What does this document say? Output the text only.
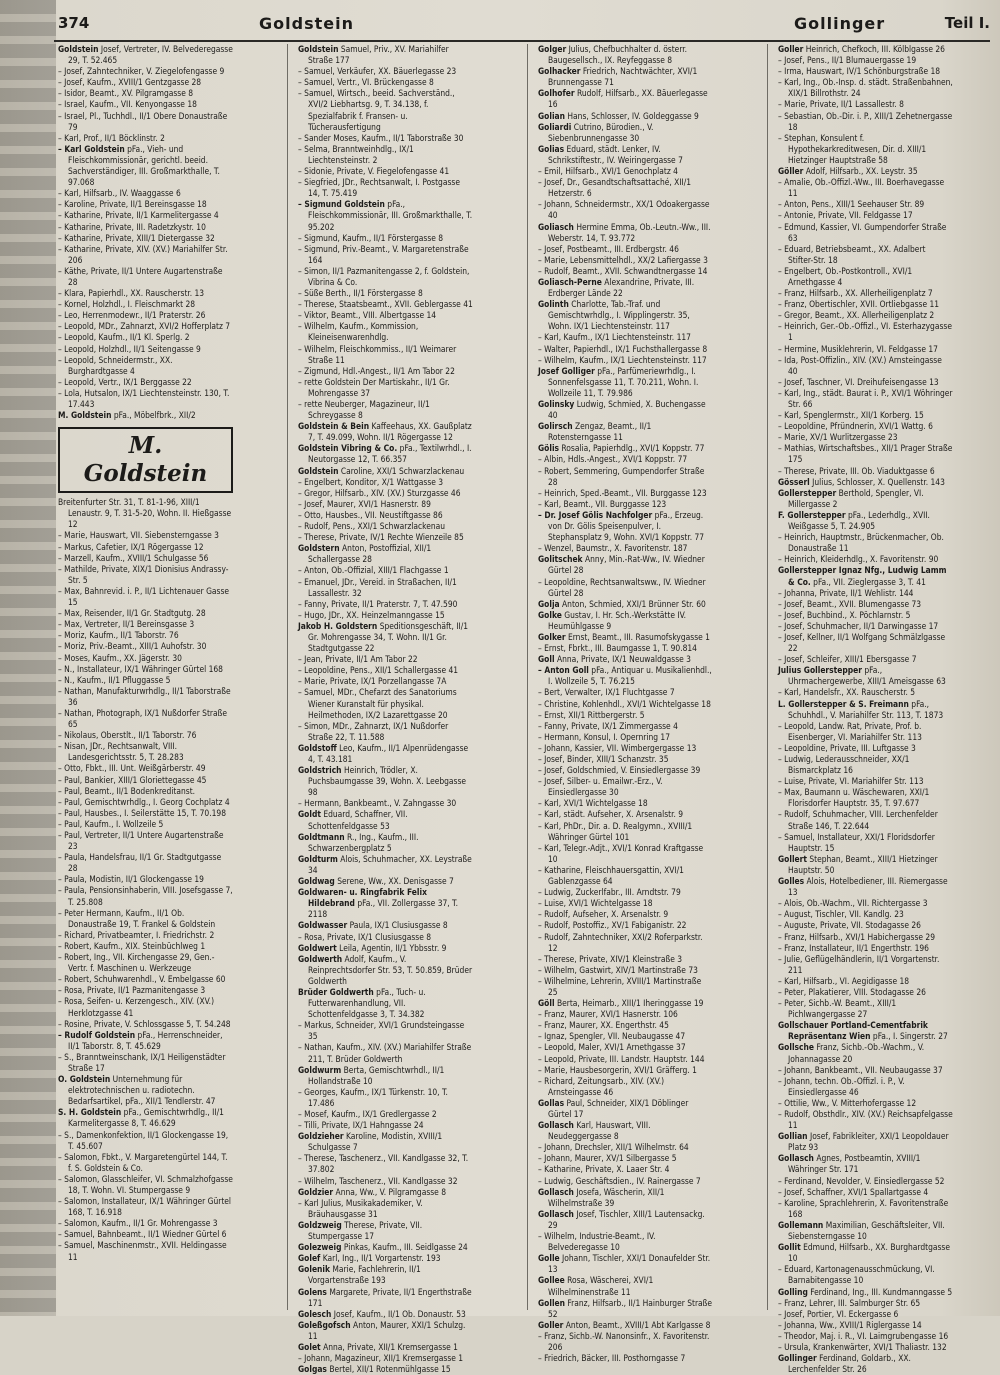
374	Goldstein	Gollinger	Teil I.

Goldstein Josef, Vertreter, IV. Belvederegasse 29, T. 52.465

– Josef, Zahntechniker, V. Ziegelofengasse 9

– Josef, Kaufm., XVIII/1 Gentzgasse 28

– Isidor, Beamt., XV. Pilgramgasse 8

– Israel, Kaufm., VII. Kenyongasse 18

– Israel, Pl., Tuchhdl., II/1 Obere Donaustraße 79

– Karl, Prof., II/1 Böcklinstr. 2

– Karl Goldstein pFa., Vieh- und Fleischkommissionär, gerichtl. beeid. Sachverständiger, III. Großmarkthalle, T. 97.068

– Karl, Hilfsarb., IV. Waaggasse 6

– Karoline, Private, II/1 Bereinsgasse 18

– Katharine, Private, II/1 Karmelitergasse 4

– Katharine, Private, III. Radetzkystr. 10

– Katharine, Private, XIII/1 Dietergasse 32

– Katharine, Private, XIV. (XV.) Mariahilfer Str. 206

– Käthe, Private, II/1 Untere Augartenstraße 28

– Klara, Papierhdl., XX. Rauscherstr. 13

– Kornel, Holzhdl., I. Fleischmarkt 28

– Leo, Herrenmodewr., II/1 Praterstr. 26

– Leopold, MDr., Zahnarzt, XVI/2 Hofferplatz 7

– Leopold, Kaufm., II/1 Kl. Sperlg. 2

– Leopold, Holzhdl., II/1 Seitengasse 9

– Leopold, Schneidermstr., XX. Burghardtgasse 4

– Leopold, Vertr., IX/1 Berggasse 22

– Lola, Hutsalon, IX/1 Liechtensteinstr. 130, T. 17.443

M. Goldstein pFa., Möbelfbrk., XII/2

M. Goldstein

Breitenfurter Str. 31, T. 81-1-96, XIII/1 Lenaustr. 9, T. 31-5-20, Wohn. II. Hießgasse 12

– Marie, Hauswart, VII. Siebensterngasse 3

– Markus, Cafetier, IX/1 Rögergasse 12

– Marzell, Kaufm., XVIII/1 Schulgasse 56

– Mathilde, Private, XIX/1 Dionisius Andrassy-Str. 5

– Max, Bahnrevid. i. P., II/1 Lichtenauer Gasse 15

– Max, Reisender, II/1 Gr. Stadtgutg. 28

– Max, Vertreter, II/1 Bereinsgasse 3

– Moriz, Kaufm., II/1 Taborstr. 76

– Moriz, Priv.-Beamt., XIII/1 Auhofstr. 30

– Moses, Kaufm., XX. Jägerstr. 30

– N., Installateur, IX/1 Währinger Gürtel 168

– N., Kaufm., II/1 Pfluggasse 5

– Nathan, Manufakturwrhdlg., II/1 Taborstraße 36

– Nathan, Photograph, IX/1 Nußdorfer Straße 65

– Nikolaus, Oberstlt., II/1 Taborstr. 76

– Nisan, JDr., Rechtsanwalt, VIII. Landesgerichtsstr. 5, T. 28.283

– Otto, Fbkt., III. Unt. Weißgärberstr. 49

– Paul, Bankier, XIII/1 Gloriettegasse 45

– Paul, Beamt., II/1 Bodenkreditanst.

– Paul, Gemischtwrhdlg., I. Georg Cochplatz 4

– Paul, Hausbes., I. Seilerstätte 15, T. 70.198

– Paul, Kaufm., I. Wollzeile 5

– Paul, Vertreter, II/1 Untere Augartenstraße 23

– Paula, Handelsfrau, II/1 Gr. Stadtgutgasse 28

– Paula, Modistin, II/1 Glockengasse 19

– Paula, Pensionsinhaberin, VIII. Josefsgasse 7, T. 25.808

– Peter Hermann, Kaufm., II/1 Ob. Donaustraße 19, T. Frankel & Goldstein

– Richard, Privatbeamter, I. Friedrichstr. 2

– Robert, Kaufm., XIX. Steinbüchlweg 1

– Robert, Ing., VII. Kirchengasse 29, Gen.-Vertr. f. Maschinen u. Werkzeuge

– Robert, Schuhwarenhdl., V. Embelgasse 60

– Rosa, Private, II/1 Pazmanitengasse 3

– Rosa, Seifen- u. Kerzengesch., XIV. (XV.) Herklotzgasse 41

– Rosine, Private, V. Schlossgasse 5, T. 54.248

– Rudolf Goldstein pFa., Herrenschneider, II/1 Taborstr. 8, T. 45.629

– S., Branntweinschank, IX/1 Heiligenstädter Straße 17

O. Goldstein Unternehmung für elektrotechnischen u. radiotechn. Bedarfsartikel, pFa., XII/1 Tendlerstr. 47

S. H. Goldstein pFa., Gemischtwrhdlg., II/1 Karmelitergasse 8, T. 46.629

– S., Damenkonfektion, II/1 Glockengasse 19, T. 45.607

– Salomon, Fbkt., V. Margaretengürtel 144, T. f. S. Goldstein & Co.

– Salomon, Glasschleifer, VI. Schmalzhofgasse 18, T. Wohn. VI. Stumpergasse 9

– Salomon, Installateur, IX/1 Währinger Gürtel 168, T. 16.918

– Salomon, Kaufm., II/1 Gr. Mohrengasse 3

– Samuel, Bahnbeamt., II/1 Wiedner Gürtel 6

– Samuel, Maschinenmstr., XVII. Heldingasse 11

Goldstein Samuel, Priv., XV. Mariahilfer Straße 177

– Samuel, Verkäufer, XX. Bäuerlegasse 23

– Samuel, Vertr., VI. Brückengasse 8

– Samuel, Wirtsch., beeid. Sachverständ., XVI/2 Liebhartsg. 9, T. 34.138, f. Spezialfabrik f. Fransen- u. Tücherausfertigung

– Sander Moses, Kaufm., II/1 Taborstraße 30

– Selma, Branntweinhdlg., IX/1 Liechtensteinstr. 2

– Sidonie, Private, V. Fiegelofengasse 41

– Siegfried, JDr., Rechtsanwalt, I. Postgasse 14, T. 75.419

– Sigmund Goldstein pFa., Fleischkommissionär, III. Großmarkthalle, T. 95.202

– Sigmund, Kaufm., II/1 Förstergasse 8

– Sigmund, Priv.-Beamt., V. Margaretenstraße 164

– Simon, II/1 Pazmanitengasse 2, f. Goldstein, Vibrina & Co.

– Süße Berth., II/1 Förstergasse 8

– Therese, Staatsbeamt., XVII. Geblergasse 41

– Viktor, Beamt., VIII. Albertgasse 14

– Wilhelm, Kaufm., Kommission, Kleineisenwarenhdlg.

– Wilhelm, Fleischkommiss., II/1 Weimarer Straße 11

– Zigmund, Hdl.-Angest., II/1 Am Tabor 22

– rette Goldstein Der Martiskahr., II/1 Gr. Mohrengasse 37

– rette Neuberger, Magazineur, II/1 Schreygasse 8

Goldstein & Bein Kaffeehaus, XX. Gaußplatz 7, T. 49.099, Wohn. II/1 Rögergasse 12

Goldstein Vibring & Co. pFa., Textilwrhdl., I. Neutorgasse 12, T. 66.357

Goldstein Caroline, XXI/1 Schwarzlackenau

– Engelbert, Konditor, X/1 Wattgasse 3

– Gregor, Hilfsarb., XIV. (XV.) Sturzgasse 46

– Josef, Maurer, XVI/1 Hasnerstr. 89

– Otto, Hausbes., VII. Neustiftgasse 86

– Rudolf, Pens., XXI/1 Schwarzlackenau

– Therese, Private, IV/1 Rechte Wienzeile 85

Goldstern Anton, Postoffizial, XII/1 Schallergasse 28

– Anton, Ob.-Offizial, XIII/1 Flachgasse 1

– Emanuel, JDr., Vereid. in Straßachen, II/1 Lassallestr. 32

– Fanny, Private, II/1 Praterstr. 7, T. 47.590

– Hugo, JDr., XX. Heinzelmanngasse 15

Jakob H. Goldstern Speditionsgeschäft, II/1 Gr. Mohrengasse 34, T. Wohn. II/1 Gr. Stadtgutgasse 22

– Jean, Private, II/1 Am Tabor 22

– Leopoldine, Pens., XII/1 Schallergasse 41

– Marie, Private, IX/1 Porzellangasse 7A

– Samuel, MDr., Chefarzt des Sanatoriums Wiener Kuranstalt für physikal. Heilmethoden, IX/2 Lazarettgasse 20

– Simon, MDr., Zahnarzt, IX/1 Nußdorfer Straße 22, T. 11.588

Goldstoff Leo, Kaufm., II/1 Alpenrüdengasse 4, T. 43.181

Goldstrich Heinrich, Trödler, X. Puchsbaumgasse 39, Wohn. X. Leebgasse 98

– Hermann, Bankbeamt., V. Zahngasse 30

Goldt Eduard, Schaffner, VII. Schottenfeldgasse 53

Goldtmann R., Ing., Kaufm., III. Schwarzenbergplatz 5

Goldturm Alois, Schuhmacher, XX. Leystraße 34

Goldwag Serene, Ww., XX. Denisgasse 7

Goldwaren- u. Ringfabrik Felix Hildebrand pFa., VII. Zollergasse 37, T. 2118

Goldwasser Paula, IX/1 Clusiusgasse 8

– Rosa, Private, IX/1 Clusiusgasse 8

Goldwert Leila, Agentin, II/1 Ybbsstr. 9

Goldwerth Adolf, Kaufm., V. Reinprechtsdorfer Str. 53, T. 50.859, Brüder Goldwerth

Brüder Goldwerth pFa., Tuch- u. Futterwarenhandlung, VII. Schottenfeldgasse 3, T. 34.382

– Markus, Schneider, XVI/1 Grundsteingasse 35

– Nathan, Kaufm., XIV. (XV.) Mariahilfer Straße 211, T. Brüder Goldwerth

Goldwurm Berta, Gemischtwrhdl., II/1 Hollandstraße 10

– Georges, Kaufm., IX/1 Türkenstr. 10, T. 17.486

– Mosef, Kaufm., IX/1 Gredlergasse 2

– Tilli, Private, IX/1 Hahngasse 24

Goldzieher Karoline, Modistin, XVIII/1 Schulgasse 7

– Therese, Taschenerz., VII. Kandlgasse 32, T. 37.802

– Wilhelm, Taschenerz., VII. Kandlgasse 32

Goldzier Anna, Ww., V. Pilgramgasse 8

– Karl Julius, Musikakademiker, V. Bräuhausgasse 31

Goldzweig Therese, Private, VII. Stumpergasse 17

Golezweig Pinkas, Kaufm., III. Seidlgasse 24

Golef Karl, Ing., II/1 Vorgartenstr. 193

Golenik Marie, Fachlehrerin, II/1 Vorgartenstraße 193

Golens Margarete, Private, II/1 Engerthstraße 171

Golesch Josef, Kaufm., II/1 Ob. Donaustr. 53

Goleßgofsch Anton, Maurer, XXI/1 Schulzg. 11

Golet Anna, Private, XII/1 Kremsergasse 1

– Johann, Magazineur, XII/1 Kremsergasse 1

Golgas Bertel, XII/1 Rotenmühlgasse 15

Golger Julius, Chefbuchhalter d. österr. Baugesellsch., IX. Reyfeggasse 8

Golhacker Friedrich, Nachtwächter, XVI/1 Brunnengasse 71

Golhofer Rudolf, Hilfsarb., XX. Bäuerlegasse 16

Golian Hans, Schlosser, IV. Goldeggasse 9

Goliardi Cutrino, Bürodien., V. Siebenbrunnengasse 30

Golias Eduard, städt. Lenker, IV. Schrikstiftestr., IV. Weiringergasse 7

– Emil, Hilfsarb., XVI/1 Genochplatz 4

– Josef, Dr., Gesandtschaftsattaché, XII/1 Hetzerstr. 6

– Johann, Schneidermstr., XX/1 Odoakergasse 40

Goliasch Hermine Emma, Ob.-Leutn.-Ww., III. Weberstr. 14, T. 93.772

– Josef, Postbeamt., III. Erdbergstr. 46

– Marie, Lebensmittelhdl., XX/2 Lafiergasse 3

– Rudolf, Beamt., XVII. Schwandtnergasse 14

Goliasch-Perne Alexandrine, Private, III. Erdberger Lände 22

Golinth Charlotte, Tab.-Traf. und Gemischtwrhdlg., I. Wipplingerstr. 35, Wohn. IX/1 Liechtensteinstr. 117

– Karl, Kaufm., IX/1 Liechtensteinstr. 117

– Walter, Papierhdl., IX/1 Fuchsthallergasse 8

– Wilhelm, Kaufm., IX/1 Liechtensteinstr. 117

Josef Golliger pFa., Parfümeriewrhdlg., I. Sonnenfelsgasse 11, T. 70.211, Wohn. I. Wollzeile 11, T. 79.986

Golinsky Ludwig, Schmied, X. Buchengasse 40

Golirsch Zengaz, Beamt., II/1 Rotensterngasse 11

Gölis Rosalia, Papierhdlg., XVI/1 Koppstr. 77

– Albin, Hdls.-Angest., XVI/1 Koppstr. 77

– Robert, Semmering, Gumpendorfer Straße 28

– Heinrich, Sped.-Beamt., VII. Burggasse 123

– Karl, Beamt., VII. Burggasse 123

– Dr. Josef Gölis Nachfolger pFa., Erzeug. von Dr. Gölis Speisenpulver, I. Stephansplatz 9, Wohn. XVI/1 Koppstr. 77

– Wenzel, Baumstr., X. Favoritenstr. 187

Golitschek Anny, Min.-Rat-Ww., IV. Wiedner Gürtel 28

– Leopoldine, Rechtsanwaltsww., IV. Wiedner Gürtel 28

Golja Anton, Schmied, XXI/1 Brünner Str. 60

Golke Gustav, I. Hr. Sch.-Werkstätte IV. Heumühlgasse 9

Golker Ernst, Beamt., III. Rasumofskygasse 1

– Ernst, Fbrkt., III. Baumgasse 1, T. 90.814

Goll Anna, Private, IX/1 Neuwaldgasse 3

– Anton Goll pFa., Antiquar u. Musikalienhdl., I. Wollzeile 5, T. 76.215

– Bert, Verwalter, IX/1 Fluchtgasse 7

– Christine, Kohlenhdl., XVI/1 Wichtelgasse 18

– Ernst, XII/1 Rittbergerstr. 5

– Fanny, Private, IX/1 Zimmergasse 4

– Hermann, Konsul, I. Opernring 17

– Johann, Kassier, VII. Wimbergergasse 13

– Josef, Binder, XIII/1 Schanzstr. 35

– Josef, Goldschmied, V. Einsiedlergasse 39

– Josef, Silber- u. Emailwr.-Erz., V. Einsiedlergasse 30

– Karl, XVI/1 Wichtelgasse 18

– Karl, städt. Aufseher, X. Arsenalstr. 9

– Karl, PhDr., Dir. a. D. Realgymn., XVIII/1 Währinger Gürtel 101

– Karl, Telegr.-Adjt., XVI/1 Konrad Kraftgasse 10

– Katharine, Fleischhauersgattin, XVI/1 Gablenzgasse 64

– Ludwig, Zuckerlfabr., III. Arndtstr. 79

– Luise, XVI/1 Wichtelgasse 18

– Rudolf, Aufseher, X. Arsenalstr. 9

– Rudolf, Postoffiz., XV/1 Fabiganistr. 22

– Rudolf, Zahntechniker, XXI/2 Roferparkstr. 12

– Therese, Private, XIV/1 Kleinstraße 3

– Wilhelm, Gastwirt, XIV/1 Martinstraße 73

– Wilhelmine, Lehrerin, XVIII/1 Martinstraße 25

Göll Berta, Heimarb., XIII/1 Iheringgasse 19

– Franz, Maurer, XVI/1 Hasnerstr. 106

– Franz, Maurer, XX. Engerthstr. 45

– Ignaz, Spengler, VII. Neubaugasse 47

– Leopold, Maler, XVI/1 Arnethgasse 37

– Leopold, Private, III. Landstr. Hauptstr. 144

– Marie, Hausbesorgerin, XVI/1 Gräfferg. 1

– Richard, Zeitungsarb., XIV. (XV.) Arnsteingasse 46

Gollas Paul, Schneider, XIX/1 Döblinger Gürtel 17

Gollasch Karl, Hauswart, VIII. Neudeggergasse 8

– Johann, Drechsler, XII/1 Wilhelmstr. 64

– Johann, Maurer, XV/1 Silbergasse 5

– Katharine, Private, X. Laaer Str. 4

– Ludwig, Geschäftsdien., IV. Rainergasse 7

Gollasch Josefa, Wäscherin, XII/1 Wilhelmstraße 39

Gollasch Josef, Tischler, XIII/1 Lautensackg. 29

– Wilhelm, Industrie-Beamt., IV. Belvederegasse 10

Golle Johann, Tischler, XXI/1 Donaufelder Str. 13

Gollee Rosa, Wäscherei, XVI/1 Wilhelminenstraße 11

Gollen Franz, Hilfsarb., II/1 Hainburger Straße 52

Goller Anton, Beamt., XVIII/1 Abt Karlgasse 8

– Franz, Sichb.-W. Nanonsinfr., X. Favoritenstr. 206

– Friedrich, Bäcker, III. Posthorngasse 7

Goller Heinrich, Chefkoch, III. Kölblgasse 26

– Josef, Pens., II/1 Blumauergasse 19

– Irma, Hauswart, IV/1 Schönburgstraße 18

– Karl, Ing., Ob.-Insp. d. städt. Straßenbahnen, XIX/1 Billrothstr. 24

– Marie, Private, II/1 Lassallestr. 8

– Sebastian, Ob.-Dir. i. P., XIII/1 Zehetnergasse 18

– Stephan, Konsulent f. Hypothekarkreditwesen, Dir. d. XIII/1 Hietzinger Hauptstraße 58

Göller Adolf, Hilfsarb., XX. Leystr. 35

– Amalie, Ob.-Offizl.-Ww., III. Boerhavegasse 11

– Anton, Pens., XIII/1 Seehauser Str. 89

– Antonie, Private, VII. Feldgasse 17

– Edmund, Kassier, VI. Gumpendorfer Straße 63

– Eduard, Betriebsbeamt., XX. Adalbert Stifter-Str. 18

– Engelbert, Ob.-Postkontroll., XVI/1 Arnethgasse 4

– Franz, Hilfsarb., XX. Allerheiligenplatz 7

– Franz, Obertischler, XVII. Ortliebgasse 11

– Gregor, Beamt., XX. Allerheiligenplatz 2

– Heinrich, Ger.-Ob.-Offizl., VI. Esterhazygasse 1

– Hermine, Musiklehrerin, VI. Feldgasse 17

– Ida, Post-Offizlin., XIV. (XV.) Arnsteingasse 40

– Josef, Taschner, VI. Dreihufeisengasse 13

– Karl, Ing., städt. Baurat i. P., XVI/1 Wöhringer Str. 66

– Karl, Spenglermstr., XII/1 Korberg. 15

– Leopoldine, Pfründnerin, XVI/1 Wattg. 6

– Marie, XV/1 Wurlitzergasse 23

– Mathias, Wirtschaftsbes., XII/1 Prager Straße 175

– Therese, Private, III. Ob. Viaduktgasse 6

Gösserl Julius, Schlosser, X. Quellenstr. 143

Gollerstepper Berthold, Spengler, VI. Millergasse 2

F. Gollerstepper pFa., Lederhdlg., XVII. Weißgasse 5, T. 24.905

– Heinrich, Hauptmstr., Brückenmacher, Ob. Donaustraße 11

– Heinrich, Kleiderhdlg., X. Favoritenstr. 90

Gollerstepper Ignaz Nfg., Ludwig Lamm & Co. pFa., VII. Zieglergasse 3, T. 41

– Johanna, Private, II/1 Wehlistr. 144

– Josef, Beamt., XVII. Blumengasse 73

– Josef, Buchbind., X. Pöchlarnstr. 5

– Josef, Schuhmacher, II/1 Darwingasse 17

– Josef, Kellner, II/1 Wolfgang Schmälzlgasse 22

– Josef, Schleifer, XIII/1 Ebersgasse 7

Julius Gollerstepper pFa., Uhrmachergewerbe, XIII/1 Ameisgasse 63

– Karl, Handelsfr., XX. Rauscherstr. 5

L. Gollerstepper & S. Freimann pFa., Schuhhdl., V. Mariahilfer Str. 113, T. 1873

– Leopold, Landw. Rat, Private, Prof. b. Eisenberger, VI. Mariahilfer Str. 113

– Leopoldine, Private, III. Luftgasse 3

– Ludwig, Lederausschneider, XX/1 Bismarckplatz 16

– Luise, Private, VI. Mariahilfer Str. 113

– Max, Baumann u. Wäschewaren, XXI/1 Florisdorfer Hauptstr. 35, T. 97.677

– Rudolf, Schuhmacher, VIII. Lerchenfelder Straße 146, T. 22.644

– Samuel, Installateur, XXI/1 Floridsdorfer Hauptstr. 15

Gollert Stephan, Beamt., XIII/1 Hietzinger Hauptstr. 50

Golles Alois, Hotelbediener, III. Riemergasse 13

– Alois, Ob.-Wachm., VII. Richtergasse 3

– August, Tischler, VII. Kandlg. 23

– Auguste, Private, VII. Stodagasse 26

– Franz, Hilfsarb., XVI/1 Habichergasse 29

– Franz, Installateur, II/1 Engerthstr. 196

– Julie, Geflügelhändlerin, II/1 Vorgartenstr. 211

– Karl, Hilfsarb., VI. Aegidigasse 18

– Peter, Plakatierer, VIII. Stodagasse 26

– Peter, Sichb.-W. Beamt., XIII/1 Pichlwangergasse 27

Gollschauer Portland-Cementfabrik Repräsentanz Wien pFa., I. Singerstr. 27

Gollsche Franz, Sichb.-Ob.-Wachm., V. Johannagasse 20

– Johann, Bankbeamt., VII. Neubaugasse 37

– Johann, techn. Ob.-Offizl. i. P., V. Einsiedlergasse 46

– Ottilie, Ww., V. Mitterhofergasse 12

– Rudolf, Obsthdlr., XIV. (XV.) Reichsapfelgasse 11

Gollian Josef, Fabrikleiter, XXI/1 Leopoldauer Platz 93

Gollasch Agnes, Postbeamtin, XVIII/1 Währinger Str. 171

– Ferdinand, Nevolder, V. Einsiedlergasse 52

– Josef, Schaffner, XVI/1 Spallartgasse 4

– Karoline, Sprachlehrerin, X. Favoritenstraße 168

Gollemann Maximilian, Geschäftsleiter, VII. Siebensterngasse 10

Gollit Edmund, Hilfsarb., XX. Burghardtgasse 10

– Eduard, Kartonagenausschmückung, VI. Barnabitengasse 10

Golling Ferdinand, Ing., III. Kundmanngasse 5

– Franz, Lehrer, III. Salmburger Str. 65

– Josef, Portier, VI. Eckergasse 6

– Johanna, Ww., XVIII/1 Riglergasse 14

– Theodor, Maj. i. R., VI. Laimgrubengasse 16

– Ursula, Krankenwärter, XVI/1 Thaliastr. 132

Gollinger Ferdinand, Goldarb., XX. Lerchenfelder Str. 26
